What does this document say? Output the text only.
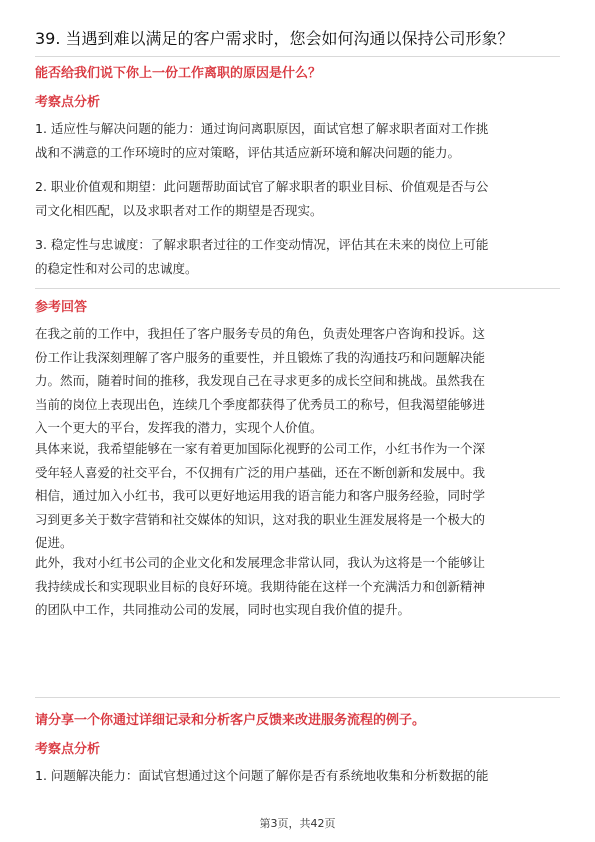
39. 当遇到难以满足的客户需求时，您会如何沟通以保持公司形象？
能否给我们说下你上一份工作离职的原因是什么？
考察点分析
1. 适应性与解决问题的能力：通过询问离职原因，面试官想了解求职者面对工作挑
战和不满意的工作环境时的应对策略，评估其适应新环境和解决问题的能力。
2. 职业价值观和期望：此问题帮助面试官了解求职者的职业目标、价值观是否与公
司文化相匹配，以及求职者对工作的期望是否现实。
3. 稳定性与忠诚度：了解求职者过往的工作变动情况，评估其在未来的岗位上可能
的稳定性和对公司的忠诚度。
参考回答
在我之前的工作中，我担任了客户服务专员的角色，负责处理客户咨询和投诉。这
份工作让我深刻理解了客户服务的重要性，并且锻炼了我的沟通技巧和问题解决能
力。然而，随着时间的推移，我发现自己在寻求更多的成长空间和挑战。虽然我在
当前的岗位上表现出色，连续几个季度都获得了优秀员工的称号，但我渴望能够进
入一个更大的平台，发挥我的潜力，实现个人价值。
具体来说，我希望能够在一家有着更加国际化视野的公司工作，小红书作为一个深
受年轻人喜爱的社交平台，不仅拥有广泛的用户基础，还在不断创新和发展中。我
相信，通过加入小红书，我可以更好地运用我的语言能力和客户服务经验，同时学
习到更多关于数字营销和社交媒体的知识，这对我的职业生涯发展将是一个极大的
促进。
此外，我对小红书公司的企业文化和发展理念非常认同，我认为这将是一个能够让
我持续成长和实现职业目标的良好环境。我期待能在这样一个充满活力和创新精神
的团队中工作，共同推动公司的发展，同时也实现自我价值的提升。
请分享一个你通过详细记录和分析客户反馈来改进服务流程的例子。
考察点分析
1. 问题解决能力：面试官想通过这个问题了解你是否有系统地收集和分析数据的能
第3页，共42页
